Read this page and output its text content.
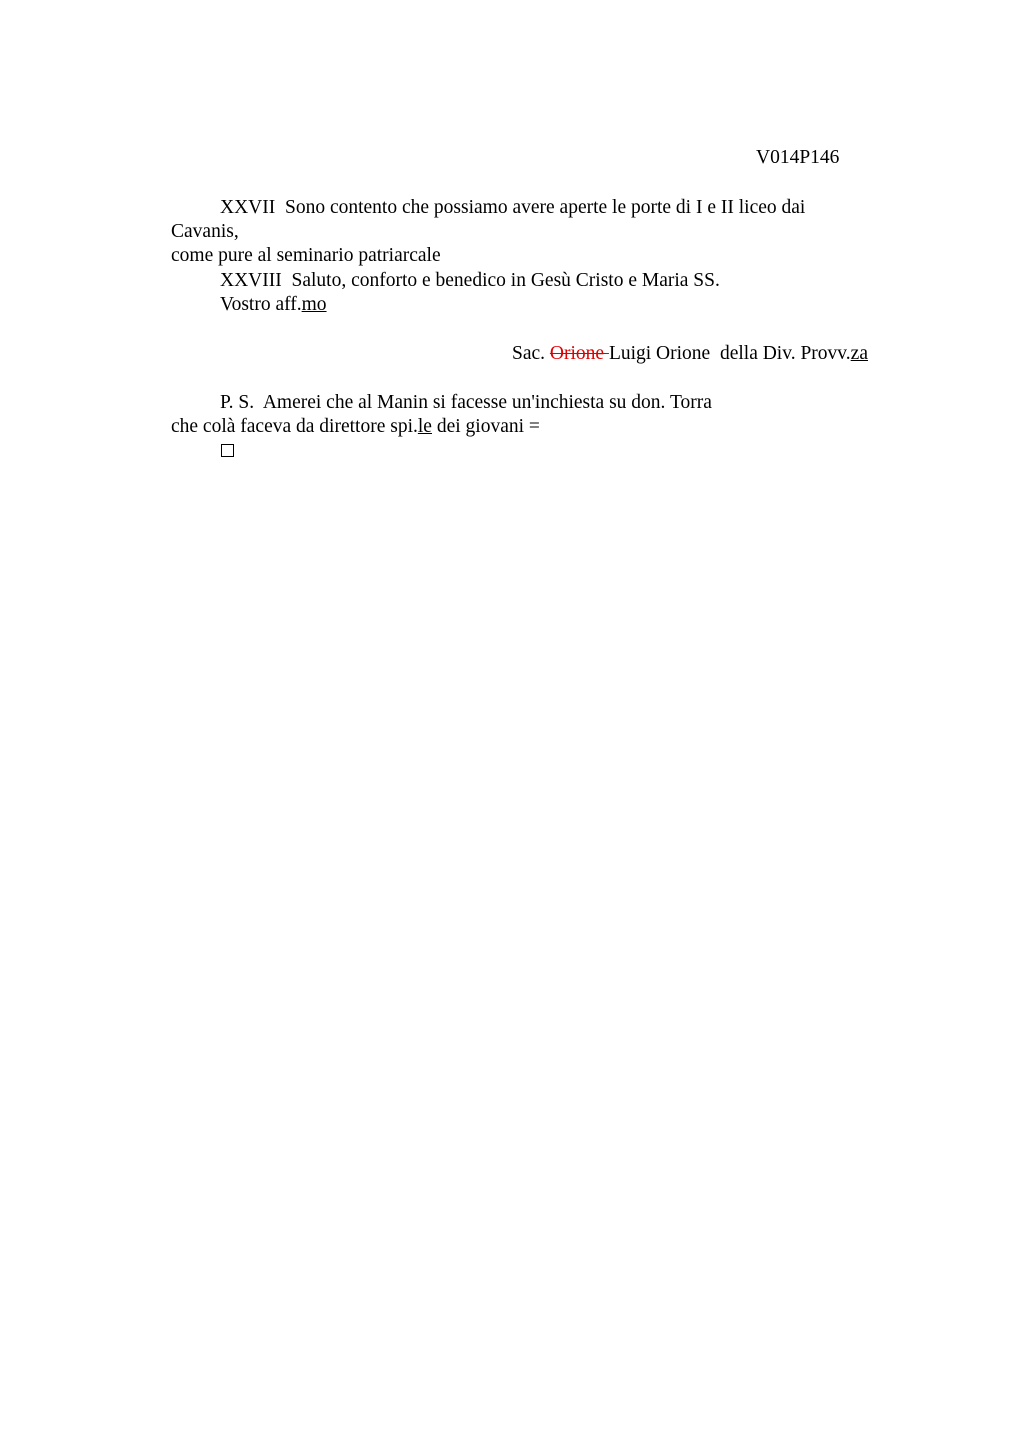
V014P146
XXVII  Sono contento che possiamo avere aperte le porte di I e II liceo dai
Cavanis,
come pure al seminario patriarcale
XXVIII  Saluto, conforto e benedico in Gesù Cristo e Maria SS.
Vostro aff.mo
Sac. Orione Luigi Orione  della Div. Provv.za
P. S.  Amerei che al Manin si facesse un'inchiesta su don. Torra
che colà faceva da direttore spi.le dei giovani =
